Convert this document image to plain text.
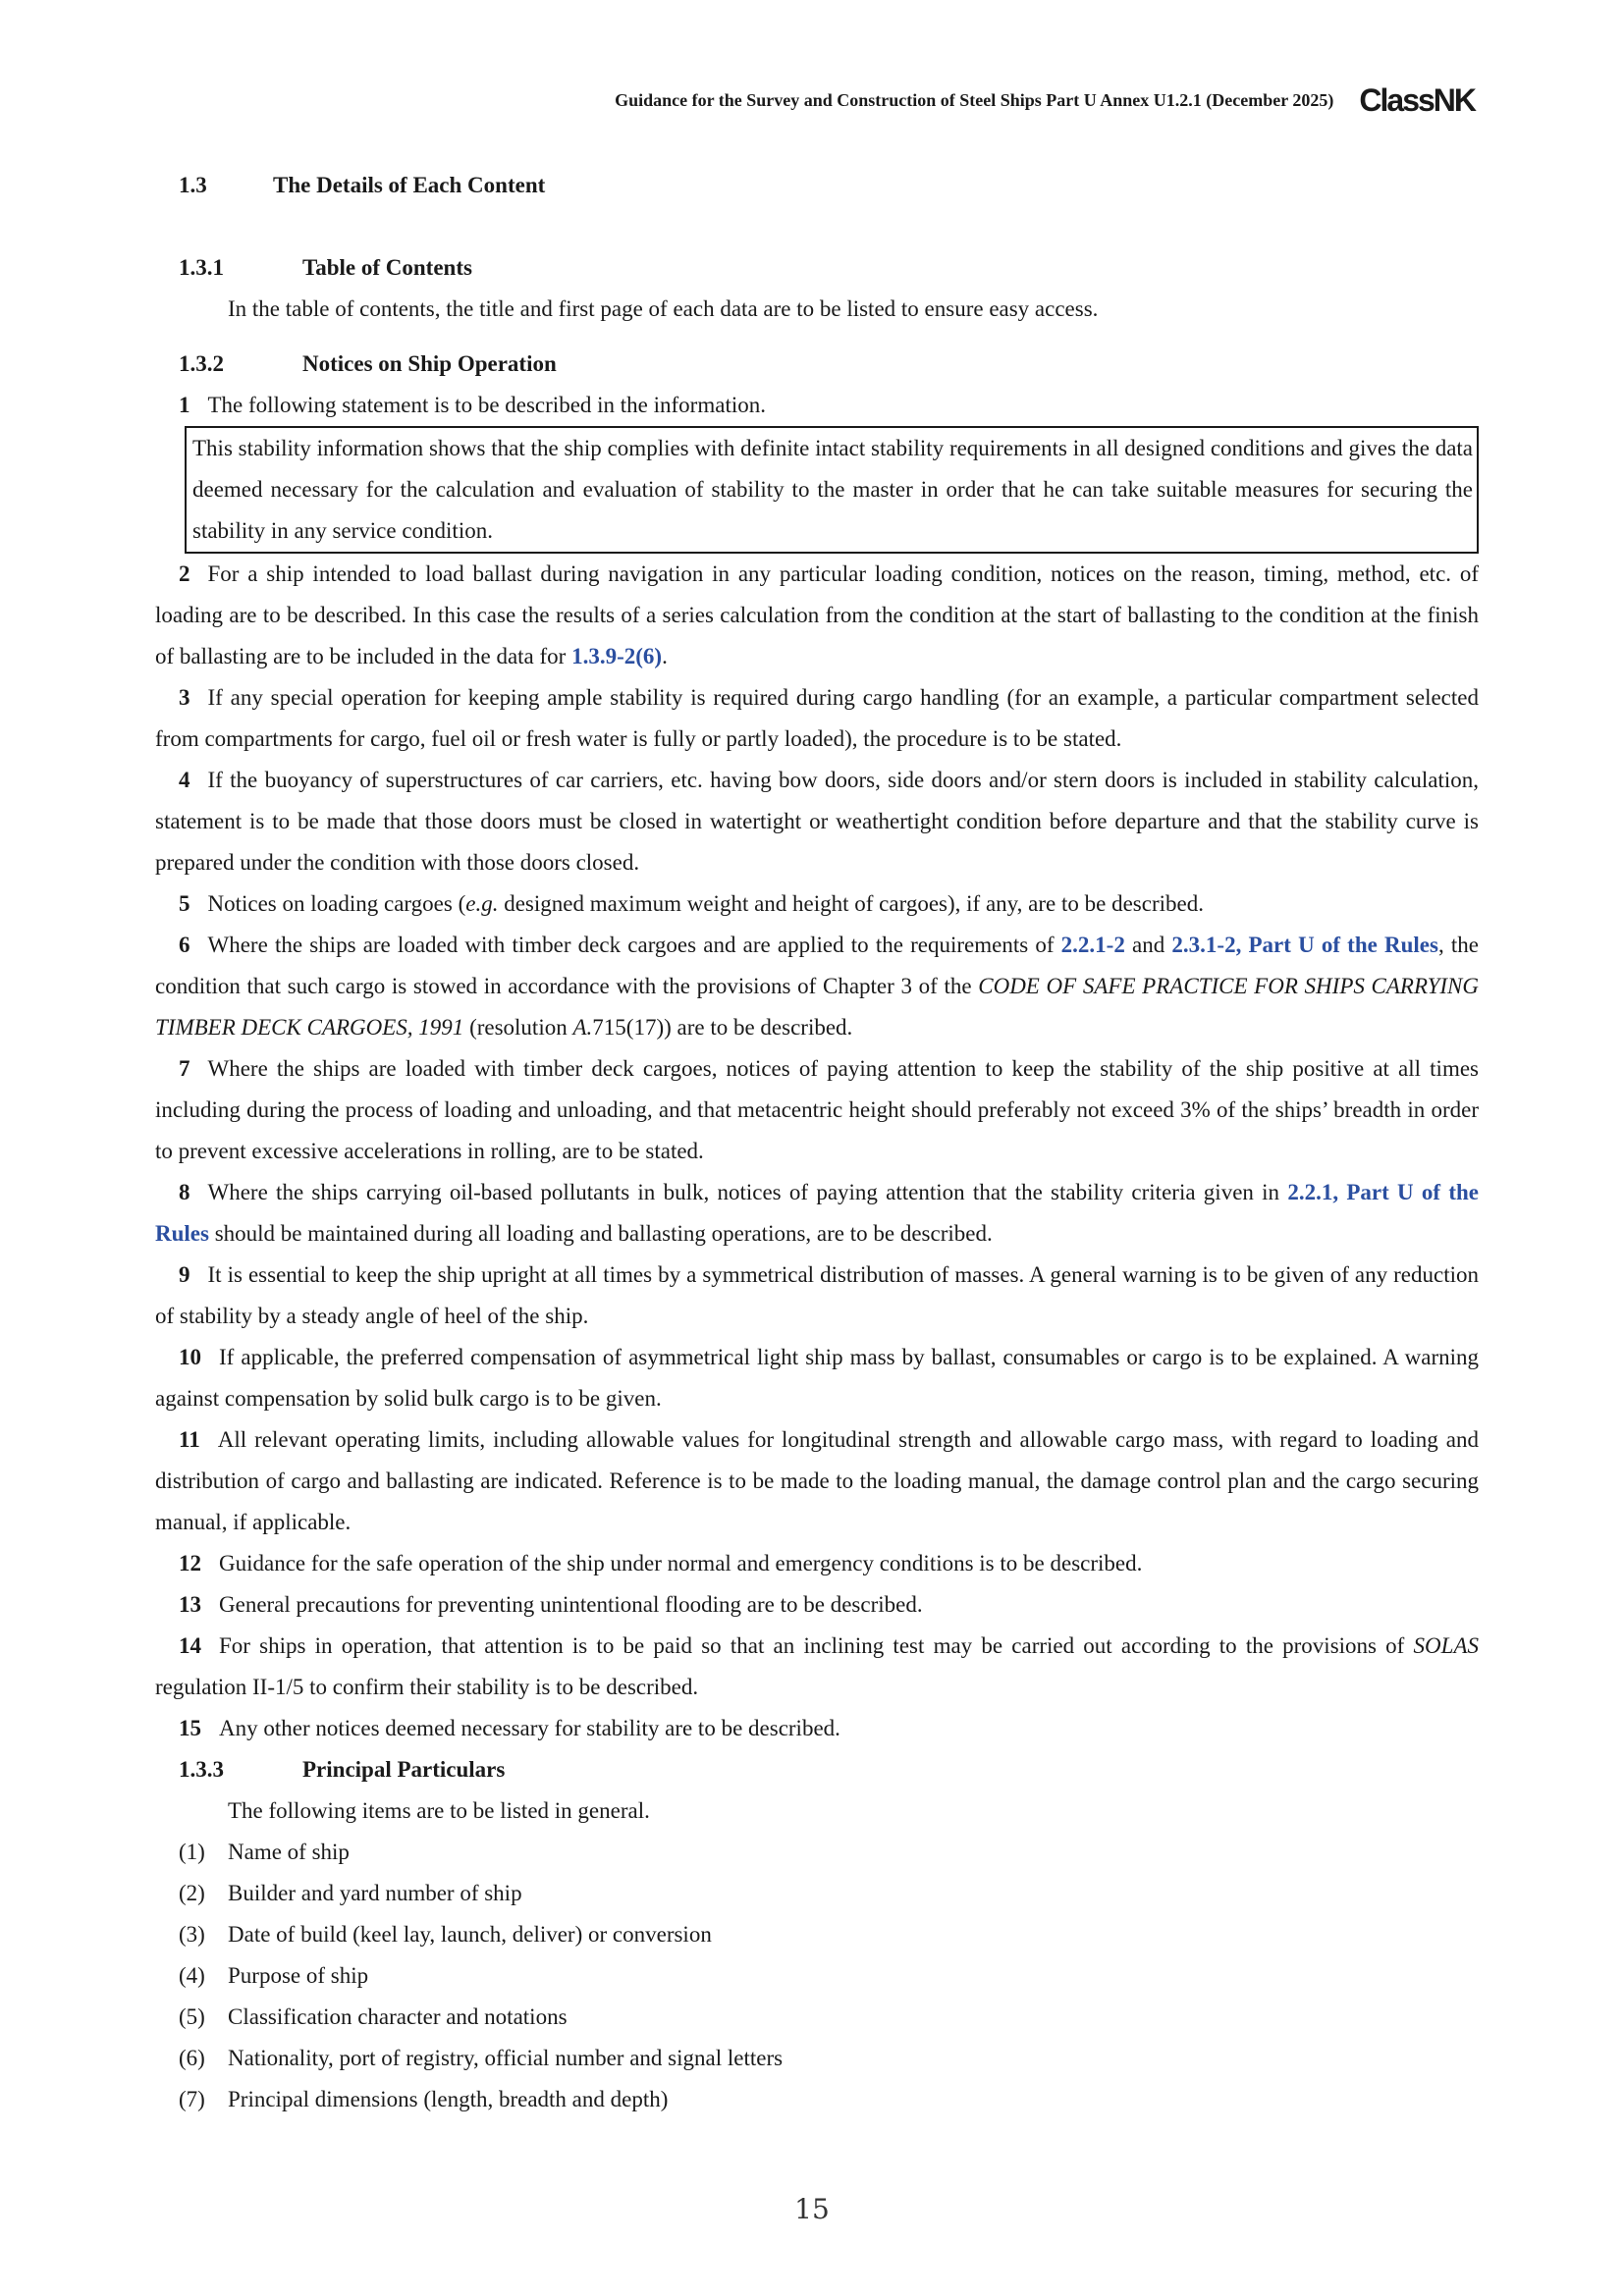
Guidance for the Survey and Construction of Steel Ships Part U Annex U1.2.1 (December 2025) ClassNK
1.3	The Details of Each Content
1.3.1	Table of Contents

In the table of contents, the title and first page of each data are to be listed to ensure easy access.

1.3.2	Notices on Ship Operation

1 The following statement is to be described in the information.

This stability information shows that the ship complies with definite intact stability requirements in all designed conditions and gives the data deemed necessary for the calculation and evaluation of stability to the master in order that he can take suitable measures for securing the stability in any service condition.

2 For a ship intended to load ballast during navigation in any particular loading condition, notices on the reason, timing, method, etc. of loading are to be described. In this case the results of a series calculation from the condition at the start of ballasting to the condition at the finish of ballasting are to be included in the data for 1.3.9-2(6).

3 If any special operation for keeping ample stability is required during cargo handling (for an example, a particular compartment selected from compartments for cargo, fuel oil or fresh water is fully or partly loaded), the procedure is to be stated.

4 If the buoyancy of superstructures of car carriers, etc. having bow doors, side doors and/or stern doors is included in stability calculation, statement is to be made that those doors must be closed in watertight or weathertight condition before departure and that the stability curve is prepared under the condition with those doors closed.

5 Notices on loading cargoes (e.g. designed maximum weight and height of cargoes), if any, are to be described.

6 Where the ships are loaded with timber deck cargoes and are applied to the requirements of 2.2.1-2 and 2.3.1-2, Part U of the Rules, the condition that such cargo is stowed in accordance with the provisions of Chapter 3 of the CODE OF SAFE PRACTICE FOR SHIPS CARRYING TIMBER DECK CARGOES, 1991 (resolution A.715(17)) are to be described.

7 Where the ships are loaded with timber deck cargoes, notices of paying attention to keep the stability of the ship positive at all times including during the process of loading and unloading, and that metacentric height should preferably not exceed 3% of the ships’ breadth in order to prevent excessive accelerations in rolling, are to be stated.

8 Where the ships carrying oil-based pollutants in bulk, notices of paying attention that the stability criteria given in 2.2.1, Part U of the Rules should be maintained during all loading and ballasting operations, are to be described.

9 It is essential to keep the ship upright at all times by a symmetrical distribution of masses. A general warning is to be given of any reduction of stability by a steady angle of heel of the ship.

10 If applicable, the preferred compensation of asymmetrical light ship mass by ballast, consumables or cargo is to be explained. A warning against compensation by solid bulk cargo is to be given.

11 All relevant operating limits, including allowable values for longitudinal strength and allowable cargo mass, with regard to loading and distribution of cargo and ballasting are indicated. Reference is to be made to the loading manual, the damage control plan and the cargo securing manual, if applicable.

12 Guidance for the safe operation of the ship under normal and emergency conditions is to be described.

13 General precautions for preventing unintentional flooding are to be described.

14 For ships in operation, that attention is to be paid so that an inclining test may be carried out according to the provisions of SOLAS regulation II-1/5 to confirm their stability is to be described.

15 Any other notices deemed necessary for stability are to be described.

1.3.3	Principal Particulars

The following items are to be listed in general.

(1) Name of ship
(2) Builder and yard number of ship
(3) Date of build (keel lay, launch, deliver) or conversion
(4) Purpose of ship
(5) Classification character and notations
(6) Nationality, port of registry, official number and signal letters
(7) Principal dimensions (length, breadth and depth)
15
